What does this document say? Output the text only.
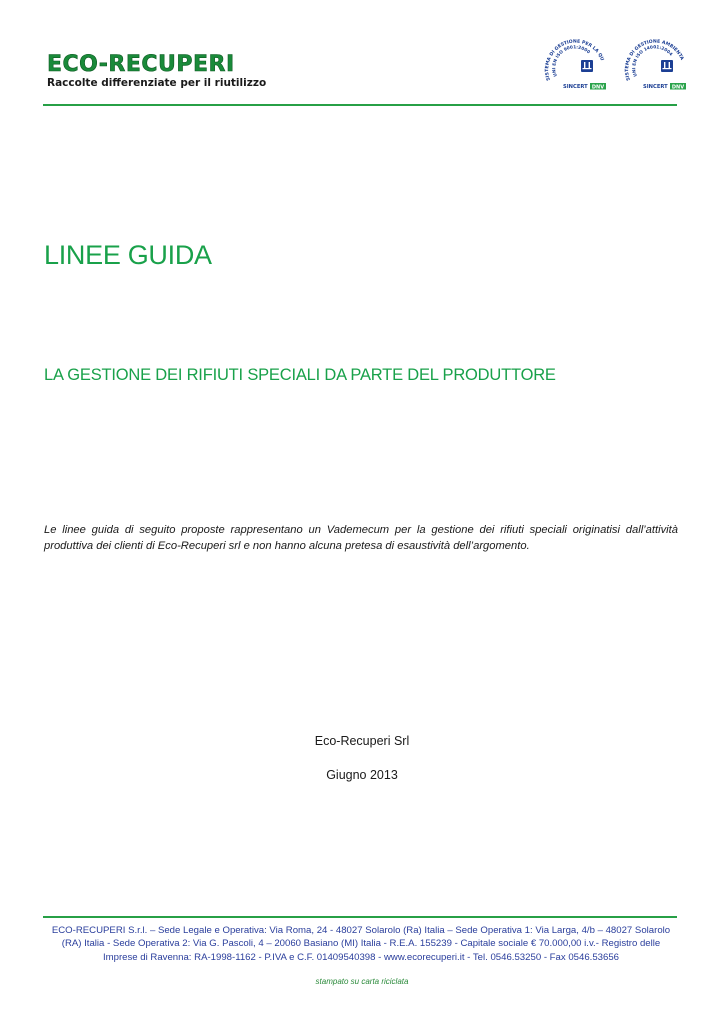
ECO-RECUPERI
Raccolte differenziate per il riutilizzo	SISTEMA DI GESTIONE PER LA QU
UNI EN ISO 9001:2000
SINCERT DNV
SISTEMA DI GESTIONE AMBIENTA
UNI EN ISO 14001:2004
SINCERT DNV
LINEE GUIDA
LA GESTIONE DEI RIFIUTI SPECIALI DA PARTE DEL PRODUTTORE
Le linee guida di seguito proposte rappresentano un Vademecum per la gestione dei rifiuti speciali originatisi dall’attività produttiva dei clienti di Eco-Recuperi srl e non hanno alcuna pretesa di esaustività dell’argomento.
Eco-Recuperi Srl
Giugno 2013
ECO-RECUPERI S.r.l. – Sede Legale e Operativa: Via Roma, 24 - 48027 Solarolo (Ra) Italia – Sede Operativa 1: Via Larga, 4/b – 48027 Solarolo
(RA) Italia - Sede Operativa 2: Via G. Pascoli, 4 – 20060 Basiano (MI) Italia - R.E.A. 155239 - Capitale sociale € 70.000,00 i.v.- Registro delle
Imprese di Ravenna: RA-1998-1162 - P.IVA e C.F. 01409540398 - www.ecorecuperi.it - Tel. 0546.53250 - Fax 0546.53656
stampato su carta riciclata
